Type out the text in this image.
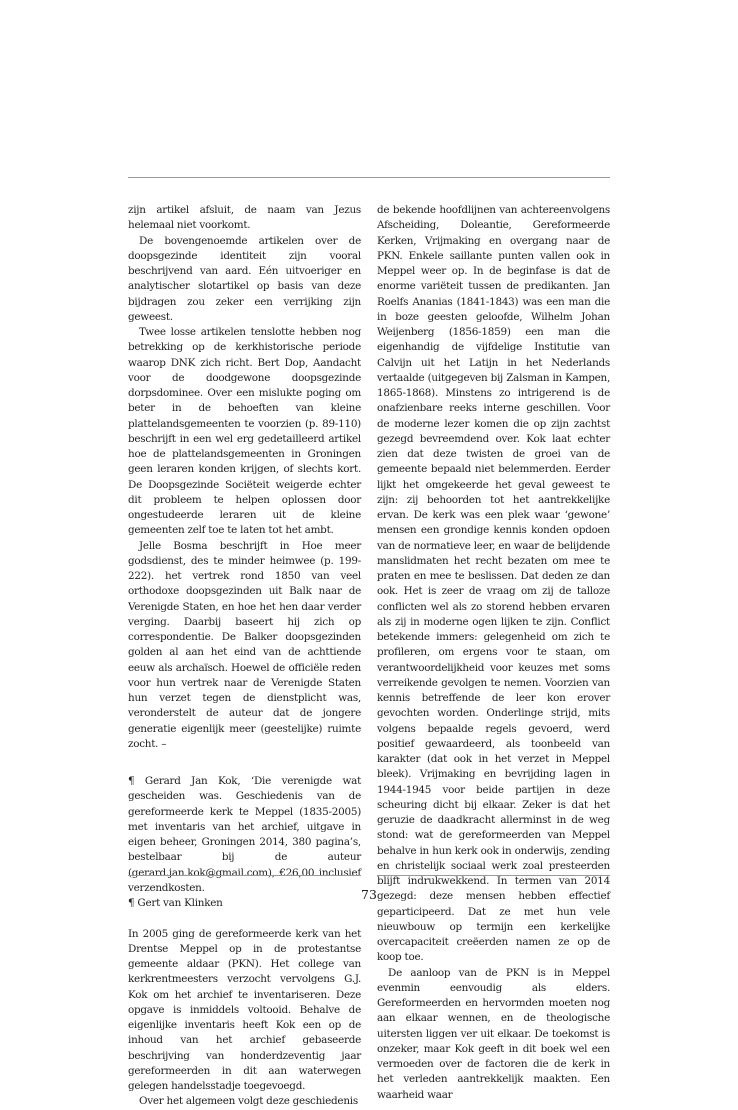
zijn artikel afsluit, de naam van Jezus helemaal niet voorkomt.

De bovengenoemde artikelen over de doopsgezinde identiteit zijn vooral beschrijvend van aard. Eén uitvoeriger en analytischer slotartikel op basis van deze bijdragen zou zeker een verrijking zijn geweest.

Twee losse artikelen tenslotte hebben nog betrekking op de kerkhistorische periode waarop DNK zich richt. Bert Dop, Aandacht voor de doodgewone doopsgezinde dorpsdominee. Over een mislukte poging om beter in de behoeften van kleine plattelandsgemeenten te voorzien (p. 89-110) beschrijft in een wel erg gedetailleerd artikel hoe de plattelandsgemeenten in Groningen geen leraren konden krijgen, of slechts kort. De Doopsgezinde Sociëteit weigerde echter dit probleem te helpen oplossen door ongestudeerde leraren uit de kleine gemeenten zelf toe te laten tot het ambt.

Jelle Bosma beschrijft in Hoe meer godsdienst, des te minder heimwee (p. 199-222). het vertrek rond 1850 van veel orthodoxe doopsgezinden uit Balk naar de Verenigde Staten, en hoe het hen daar verder verging. Daarbij baseert hij zich op correspondentie. De Balker doopsgezinden golden al aan het eind van de achttiende eeuw als archaïsch. Hoewel de officiële reden voor hun vertrek naar de Verenigde Staten hun verzet tegen de dienstplicht was, veronderstelt de auteur dat de jongere generatie eigenlijk meer (geestelijke) ruimte zocht. –

¶ Gerard Jan Kok, ‘Die verenigde wat gescheiden was. Geschiedenis van de gereformeerde kerk te Meppel (1835-2005) met inventaris van het archief, uitgave in eigen beheer, Groningen 2014, 380 pagina’s, bestelbaar bij de auteur (gerard.jan.kok@gmail.com), €26,00 inclusief verzendkosten.

¶ Gert van Klinken

In 2005 ging de gereformeerde kerk van het Drentse Meppel op in de protestantse gemeente aldaar (PKN). Het college van kerkrentmeesters verzocht vervolgens G.J. Kok om het archief te inventariseren. Deze opgave is inmiddels voltooid. Behalve de eigenlijke inventaris heeft Kok een op de inhoud van het archief gebaseerde beschrijving van honderdzeventig jaar gereformeerden in dit aan waterwegen gelegen handelsstadje toegevoegd.

Over het algemeen volgt deze geschiedenis

de bekende hoofdlijnen van achtereenvolgens Afscheiding, Doleantie, Gereformeerde Kerken, Vrijmaking en overgang naar de PKN. Enkele saillante punten vallen ook in Meppel weer op. In de beginfase is dat de enorme variëteit tussen de predikanten. Jan Roelfs Ananias (1841-1843) was een man die in boze geesten geloofde, Wilhelm Johan Weijenberg (1856-1859) een man die eigenhandig de vijfdelige Institutie van Calvijn uit het Latijn in het Nederlands vertaalde (uitgegeven bij Zalsman in Kampen, 1865-1868). Minstens zo intrigerend is de onafzienbare reeks interne geschillen. Voor de moderne lezer komen die op zijn zachtst gezegd bevreemdend over. Kok laat echter zien dat deze twisten de groei van de gemeente bepaald niet belemmerden. Eerder lijkt het omgekeerde het geval geweest te zijn: zij behoorden tot het aantrekkelijke ervan. De kerk was een plek waar ‘gewone’ mensen een grondige kennis konden opdoen van de normatieve leer, en waar de belijdende manslidmaten het recht bezaten om mee te praten en mee te beslissen. Dat deden ze dan ook. Het is zeer de vraag om zij de talloze conflicten wel als zo storend hebben ervaren als zij in moderne ogen lijken te zijn. Conflict betekende immers: gelegenheid om zich te profileren, om ergens voor te staan, om verantwoordelijkheid voor keuzes met soms verreikende gevolgen te nemen. Voorzien van kennis betreffende de leer kon erover gevochten worden. Onderlinge strijd, mits volgens bepaalde regels gevoerd, werd positief gewaardeerd, als toonbeeld van karakter (dat ook in het verzet in Meppel bleek). Vrijmaking en bevrijding lagen in 1944-1945 voor beide partijen in deze scheuring dicht bij elkaar. Zeker is dat het geruzie de daadkracht allerminst in de weg stond: wat de gereformeerden van Meppel behalve in hun kerk ook in onderwijs, zending en christelijk sociaal werk zoal presteerden blijft indrukwekkend. In termen van 2014 gezegd: deze mensen hebben effectief geparticipeerd. Dat ze met hun vele nieuwbouw op termijn een kerkelijke overcapaciteit creëerden namen ze op de koop toe.

De aanloop van de PKN is in Meppel evenmin eenvoudig als elders. Gereformeerden en hervormden moeten nog aan elkaar wennen, en de theologische uitersten liggen ver uit elkaar. De toekomst is onzeker, maar Kok geeft in dit boek wel een vermoeden over de factoren die de kerk in het verleden aantrekkelijk maakten. Een waarheid waar

73
